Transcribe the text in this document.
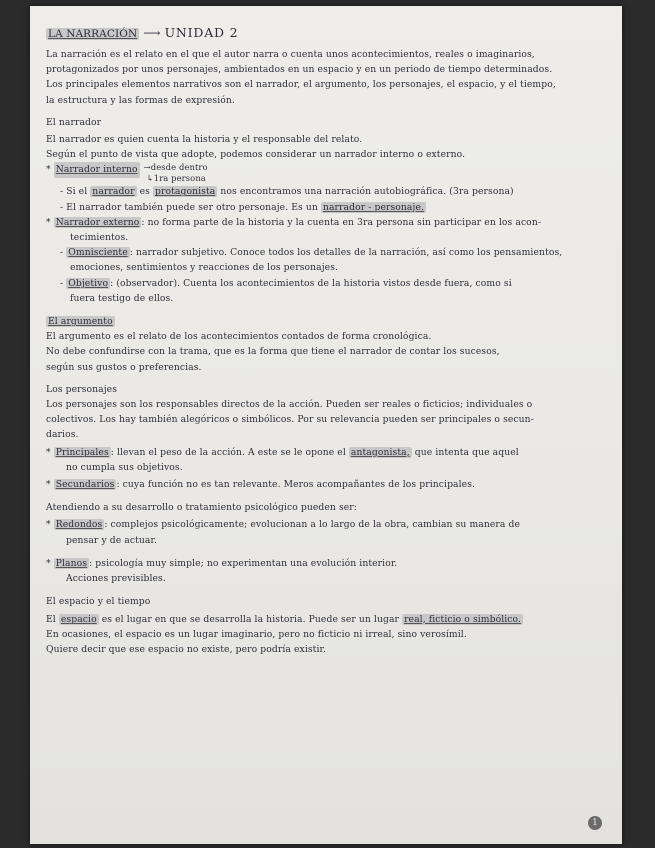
LA NARRACIÓN ⟶ UNIDAD 2

La narración es el relato en el que el autor narra o cuenta unos acontecimientos, reales o imaginarios,

protagonizados por unos personajes, ambientados en un espacio y en un periodo de tiempo determinados.

Los principales elementos narrativos son el narrador, el argumento, los personajes, el espacio, y el tiempo,

la estructura y las formas de expresión.

El narrador

El narrador es quien cuenta la historia y el responsable del relato.

Según el punto de vista que adopte, podemos considerar un narrador interno o externo.

* Narrador interno →desde dentro
↳1ra persona

- Si el narrador es protagonista nos encontramos una narración autobiográfica. (3ra persona)

- El narrador también puede ser otro personaje. Es un narrador - personaje.

* Narrador externo : no forma parte de la historia y la cuenta en 3ra persona sin participar en los acon-

tecimientos.

- Omnisciente : narrador subjetivo. Conoce todos los detalles de la narración, así como los pensamientos,

emociones, sentimientos y reacciones de los personajes.

- Objetivo : (observador). Cuenta los acontecimientos de la historia vistos desde fuera, como si

fuera testigo de ellos.

El argumento

El argumento es el relato de los acontecimientos contados de forma cronológica.

No debe confundirse con la trama, que es la forma que tiene el narrador de contar los sucesos,

según sus gustos o preferencias.

Los personajes

Los personajes son los responsables directos de la acción. Pueden ser reales o ficticios; individuales o

colectivos. Los hay también alegóricos o simbólicos. Por su relevancia pueden ser principales o secun-

darios.

* Principales : llevan el peso de la acción. A este se le opone el antagonista, que intenta que aquel

no cumpla sus objetivos.

* Secundarios : cuya función no es tan relevante. Meros acompañantes de los principales.

Atendiendo a su desarrollo o tratamiento psicológico pueden ser:

* Redondos : complejos psicológicamente; evolucionan a lo largo de la obra, cambian su manera de

pensar y de actuar.

* Planos : psicología muy simple; no experimentan una evolución interior.

Acciones previsibles.

El espacio y el tiempo

El espacio es el lugar en que se desarrolla la historia. Puede ser un lugar real, ficticio o simbólico.

En ocasiones, el espacio es un lugar imaginario, pero no ficticio ni irreal, sino verosímil.

Quiere decir que ese espacio no existe, pero podría existir.

1
